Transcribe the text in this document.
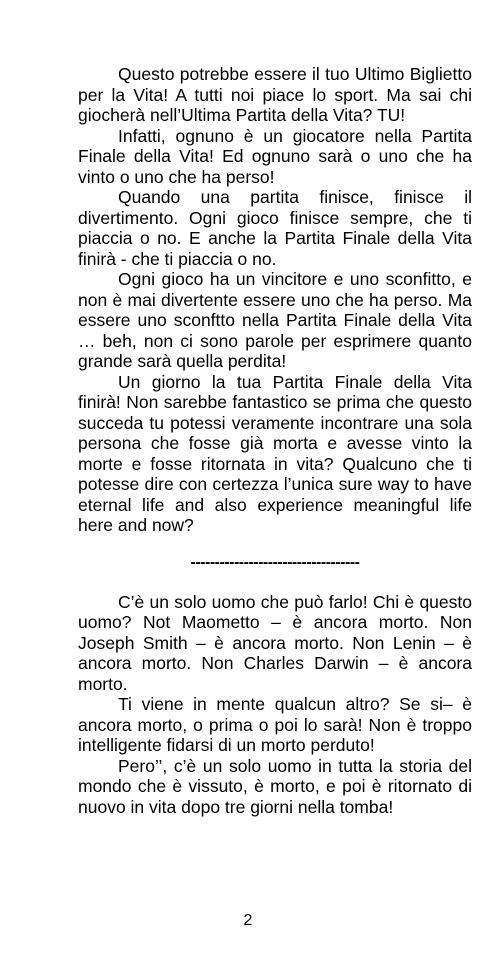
Questo potrebbe essere il tuo Ultimo Biglietto per la Vita! A tutti noi piace lo sport. Ma sai chi giocherà nell’Ultima Partita della Vita? TU!

Infatti, ognuno è un giocatore nella Partita Finale della Vita! Ed ognuno sarà o uno che ha vinto o uno che ha perso!

Quando una partita finisce, finisce il divertimento. Ogni gioco finisce sempre, che ti piaccia o no. E anche la Partita Finale della Vita finirà - che ti piaccia o no.

Ogni gioco ha un vincitore e uno sconfitto, e non è mai divertente essere uno che ha perso. Ma essere uno sconftto nella Partita Finale della Vita … beh, non ci sono parole per esprimere quanto grande sarà quella perdita!

Un giorno la tua Partita Finale della Vita finirà! Non sarebbe fantastico se prima che questo succeda tu potessi veramente incontrare una sola persona che fosse già morta e avesse vinto la morte e fosse ritornata in vita? Qualcuno che ti potesse dire con certezza l’unica sure way to have eternal life and also experience meaningful life here and now?

-----------------------------------

C’è un solo uomo che può farlo! Chi è questo uomo? Not Maometto – è ancora morto. Non Joseph Smith – è ancora morto. Non Lenin – è ancora morto. Non Charles Darwin – è ancora morto.

Ti viene in mente qualcun altro? Se si– è ancora morto, o prima o poi lo sarà! Non è troppo intelligente fidarsi di un morto perduto!

Pero’’, c’è un solo uomo in tutta la storia del mondo che è vissuto, è morto, e poi è ritornato di nuovo in vita dopo tre giorni nella tomba!

2
